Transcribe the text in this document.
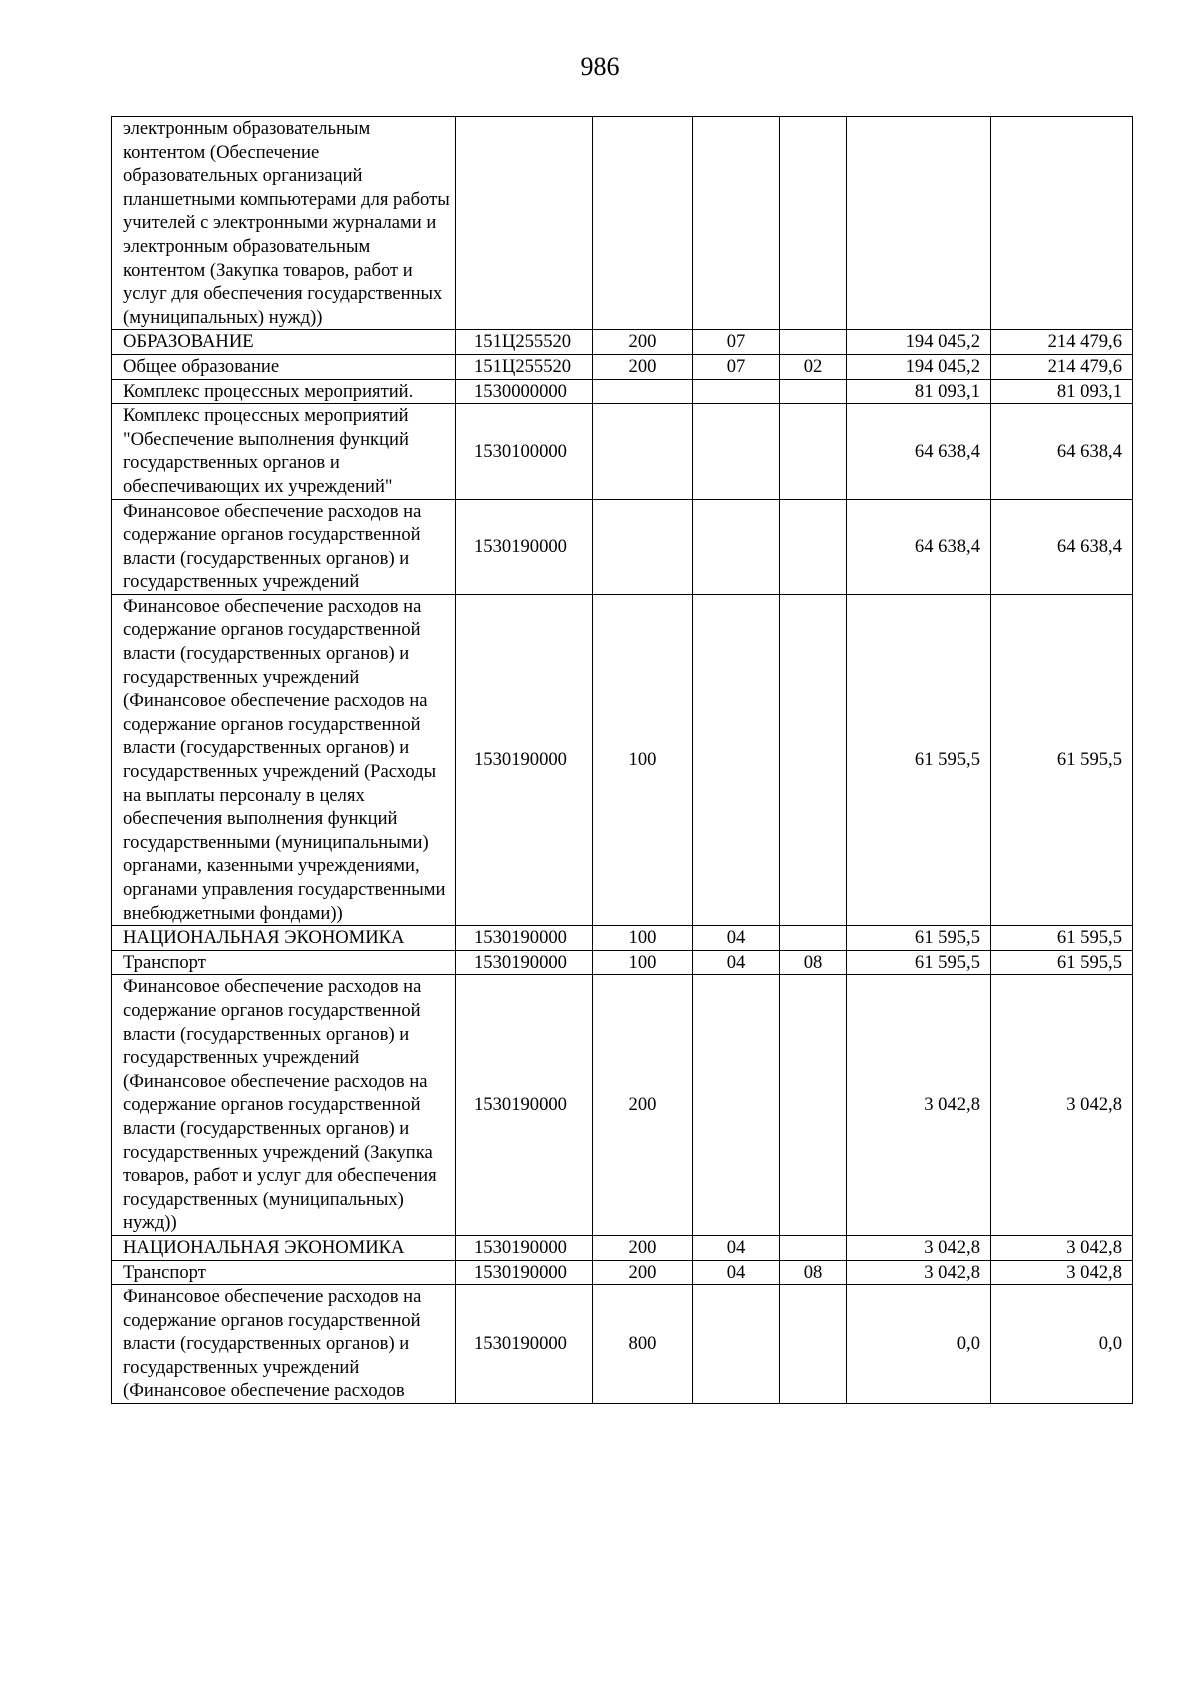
986
электронным образовательным контентом (Обеспечение образовательных организаций планшетными компьютерами для работы учителей с электронными журналами и электронным образовательным контентом (Закупка товаров, работ и услуг для обеспечения государственных (муниципальных) нужд))						
ОБРАЗОВАНИЕ	151Ц255520	200	07		194 045,2	214 479,6
Общее образование	151Ц255520	200	07	02	194 045,2	214 479,6
Комплекс процессных мероприятий.	1530000000				81 093,1	81 093,1
Комплекс процессных мероприятий "Обеспечение выполнения функций государственных органов и обеспечивающих их учреждений"	1530100000				64 638,4	64 638,4
Финансовое обеспечение расходов на содержание органов государственной власти (государственных органов) и государственных учреждений	1530190000				64 638,4	64 638,4
Финансовое обеспечение расходов на содержание органов государственной власти (государственных органов) и государственных учреждений (Финансовое обеспечение расходов на содержание органов государственной власти (государственных органов) и государственных учреждений (Расходы на выплаты персоналу в целях обеспечения выполнения функций государственными (муниципальными) органами, казенными учреждениями, органами управления государственными внебюджетными фондами))	1530190000	100			61 595,5	61 595,5
НАЦИОНАЛЬНАЯ ЭКОНОМИКА	1530190000	100	04		61 595,5	61 595,5
Транспорт	1530190000	100	04	08	61 595,5	61 595,5
Финансовое обеспечение расходов на содержание органов государственной власти (государственных органов) и государственных учреждений (Финансовое обеспечение расходов на содержание органов государственной власти (государственных органов) и государственных учреждений (Закупка товаров, работ и услуг для обеспечения государственных (муниципальных) нужд))	1530190000	200			3 042,8	3 042,8
НАЦИОНАЛЬНАЯ ЭКОНОМИКА	1530190000	200	04		3 042,8	3 042,8
Транспорт	1530190000	200	04	08	3 042,8	3 042,8
Финансовое обеспечение расходов на содержание органов государственной власти (государственных органов) и государственных учреждений (Финансовое обеспечение расходов	1530190000	800			0,0	0,0
